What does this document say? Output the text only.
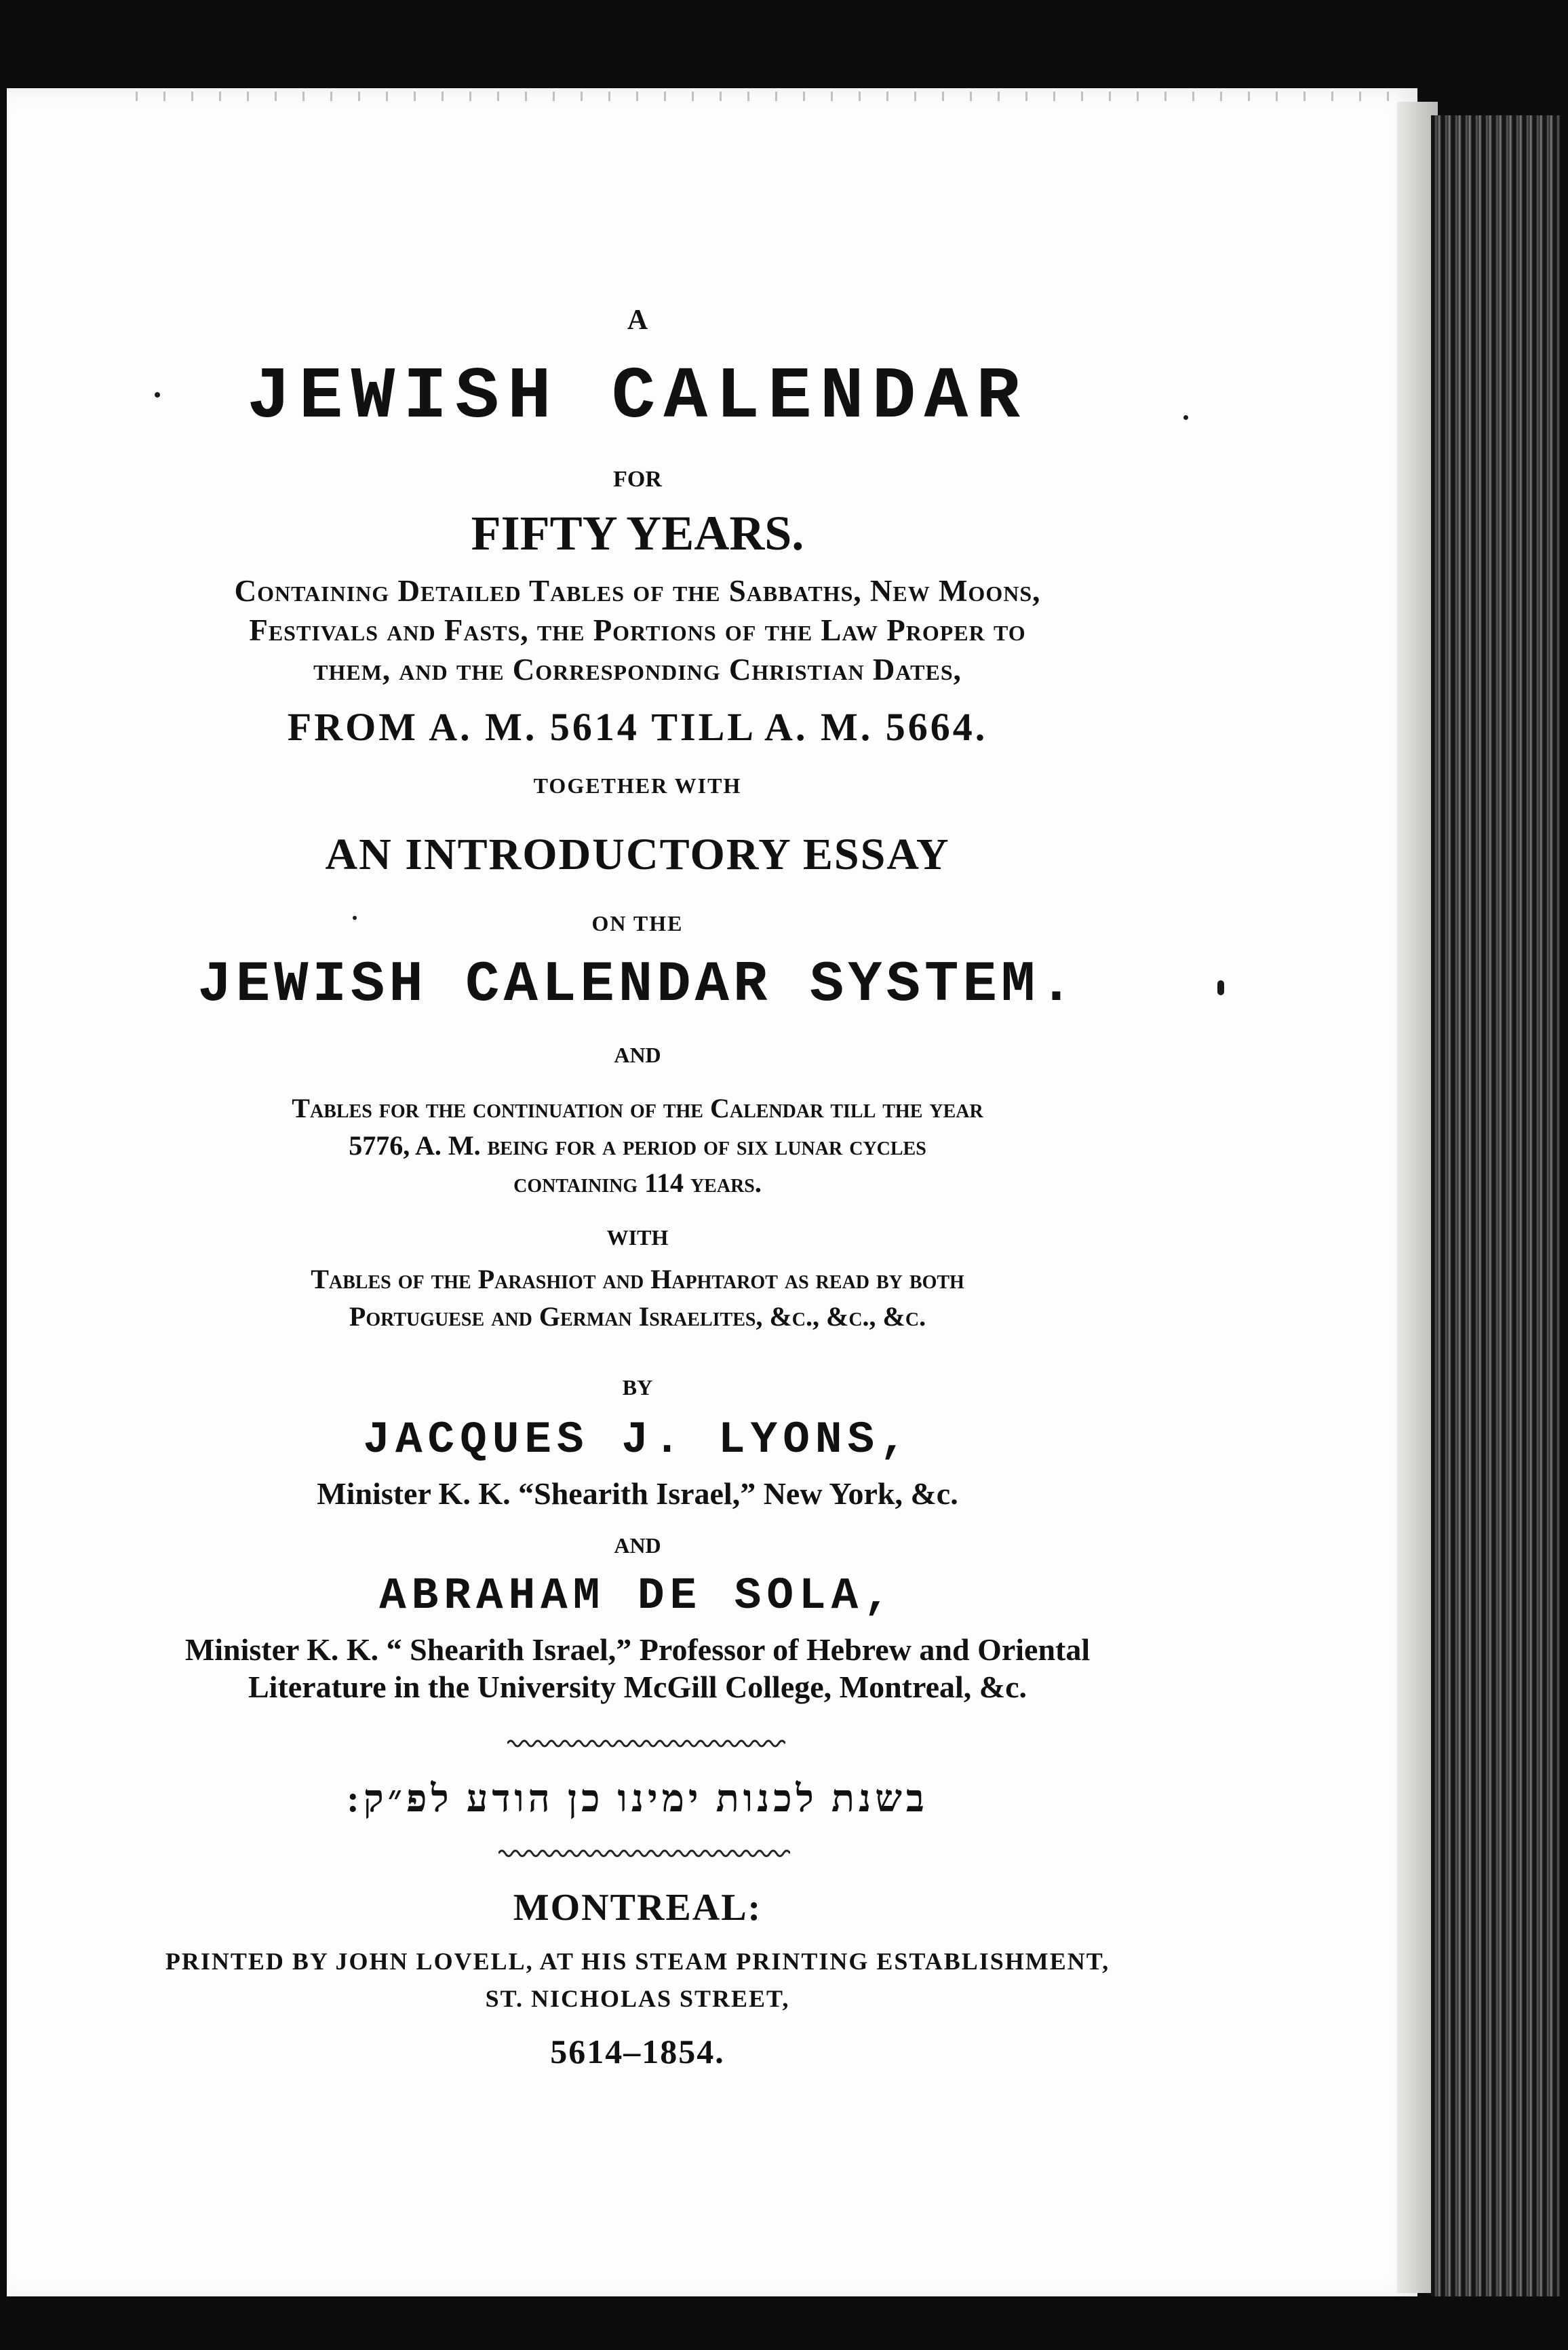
A
JEWISH CALENDAR
FOR
FIFTY YEARS.
Containing Detailed Tables of the Sabbaths, New Moons,
Festivals and Fasts, the Portions of the Law Proper to
them, and the Corresponding Christian Dates,
FROM A. M. 5614 TILL A. M. 5664.
TOGETHER WITH
AN INTRODUCTORY ESSAY
ON THE
JEWISH CALENDAR SYSTEM.
AND
Tables for the continuation of the Calendar till the year
5776, A. M. being for a period of six lunar cycles
containing 114 years.
WITH
Tables of the Parashiot and Haphtarot as read by both
Portuguese and German Israelites, &c., &c., &c.
BY
JACQUES J. LYONS,
Minister K. K. “Shearith Israel,” New York, &c.
AND
ABRAHAM DE SOLA,
Minister K. K. “ Shearith Israel,” Professor of Hebrew and Oriental
Literature in the University McGill College, Montreal, &c.
בשנת לכנות ימינו כן הודע לפ״ק:
MONTREAL:
PRINTED BY JOHN LOVELL, AT HIS STEAM PRINTING ESTABLISHMENT,
ST. NICHOLAS STREET,
5614–1854.
